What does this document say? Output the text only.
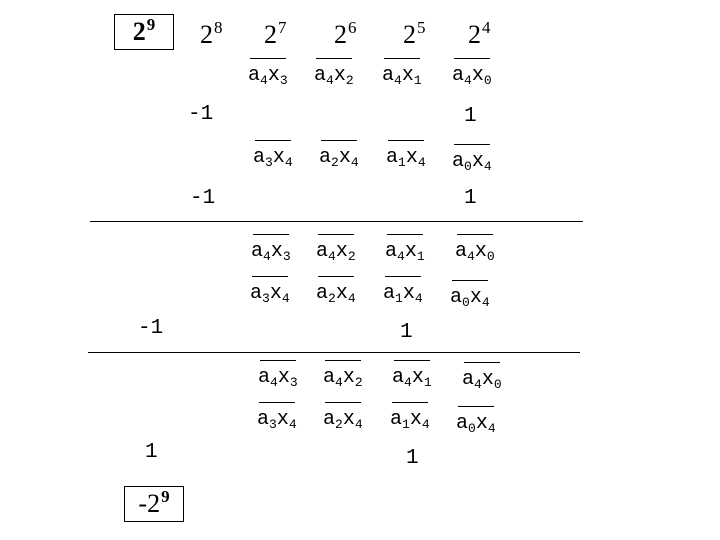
$2^9$	$2^8$ $2^7$ $2^6$ $2^5$ $2^4$
$a_4x_3$ $a_4x_2$ $a_4x_1$ $a_4x_0$
-1	1
$a_3x_4$ $a_2x_4$ $a_1x_4$ $a_0x_4$
-1	1
$a_4x_3$ $a_4x_2$ $a_4x_1$ $a_4x_0$
$a_3x_4$ $a_2x_4$ $a_1x_4$ $a_0x_4$
-1	1
$a_4x_3$ $a_4x_2$ $a_4x_1$ $a_4x_0$
$a_3x_4$ $a_2x_4$ $a_1x_4$ $a_0x_4$
1	1
$-2^9$
